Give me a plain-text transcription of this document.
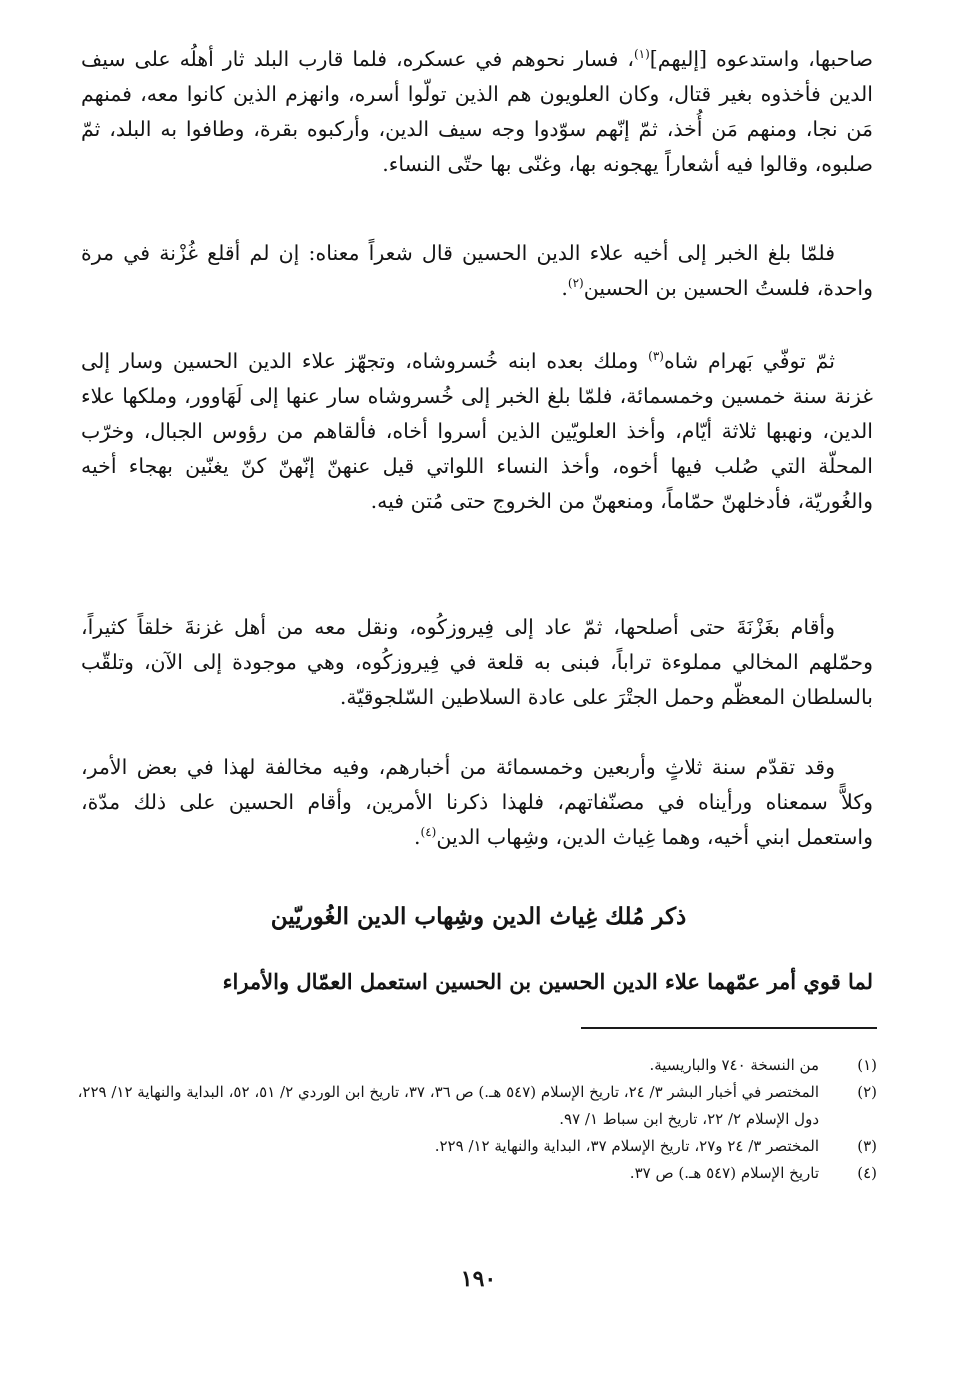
صاحبها، واستدعوه [إليهم]$^{(١)}$، فسار نحوهم في عسكره، فلما قارب البلد ثار أهلُه على سيف الدين فأخذوه بغير قتال، وكان العلويون هم الذين تولّوا أسره، وانهزم الذين كانوا معه، فمنهم مَن نجا، ومنهم مَن أُخذ، ثمّ إنّهم سوّدوا وجه سيف الدين، وأركبوه بقرة، وطافوا به البلد، ثمّ صلبوه، وقالوا فيه أشعاراً يهجونه بها، وغنّى بها حتّى النساء.

فلمّا بلغ الخبر إلى أخيه علاء الدين الحسين قال شعراً معناه: إن لم أقلع غُزْنة في مرة واحدة، فلستُ الحسين بن الحسين$^{(٢)}$.

ثمّ توفّي بَهرام شاه$^{(٣)}$ وملك بعده ابنه خُسروشاه، وتجهّز علاء الدين الحسين وسار إلى غزنة سنة خمسين وخمسمائة، فلمّا بلغ الخبر إلى خُسروشاه سار عنها إلى لَهَاوور، وملكها علاء الدين، ونهبها ثلاثة أيّام، وأخذ العلويّين الذين أسروا أخاه، فألقاهم من رؤوس الجبال، وخرّب المحلّة التي صُلب فيها أخوه، وأخذ النساء اللواتي قيل عنهنّ إنّهنّ كنّ يغنّين بهجاء أخيه والغُوريّة، فأدخلهنّ حمّاماً، ومنعهنّ من الخروج حتى مُتن فيه.

وأقام بغَزْنَةَ حتى أصلحها، ثمّ عاد إلى فِيروزكُوه، ونقل معه من أهل غزنةَ خلقاً كثيراً، وحمّلهم المخالي مملوءة تراباً، فبنى به قلعة في فِيروزكُوه، وهي موجودة إلى الآن، وتلقّب بالسلطان المعظّم وحمل الجتْرَ على عادة السلاطين السّلجوقيّة.

وقد تقدّم سنة ثلاثٍ وأربعين وخمسمائة من أخبارهم، وفيه مخالفة لهذا في بعض الأمر، وكلاًّ سمعناه ورأيناه في مصنّفاتهم، فلهذا ذكرنا الأمرين، وأقام الحسين على ذلك مدّة، واستعمل ابني أخيه، وهما غِياث الدين، وشِهاب الدين$^{(٤)}$.

ذكر مُلك غِياث الدين وشِهاب الدين الغُوريّين

لما قوي أمر عمّهما علاء الدين الحسين بن الحسين استعمل العمّال والأمراء

(١)
من النسخة ٧٤٠ والباريسية.
(٢)
المختصر في أخبار البشر ٣/ ٢٤، تاريخ الإسلام (٥٤٧ هـ.) ص ٣٦، ٣٧، تاريخ ابن الوردي ٢/ ٥١، ٥٢، البداية والنهاية ١٢/ ٢٢٩، دول الإسلام ٢/ ٢٢، تاريخ ابن سباط ١/ ٩٧.
(٣)
المختصر ٣/ ٢٤ و٢٧، تاريخ الإسلام ٣٧، البداية والنهاية ١٢/ ٢٢٩.
(٤)
تاريخ الإسلام (٥٤٧ هـ.) ص ٣٧.
١٩٠
